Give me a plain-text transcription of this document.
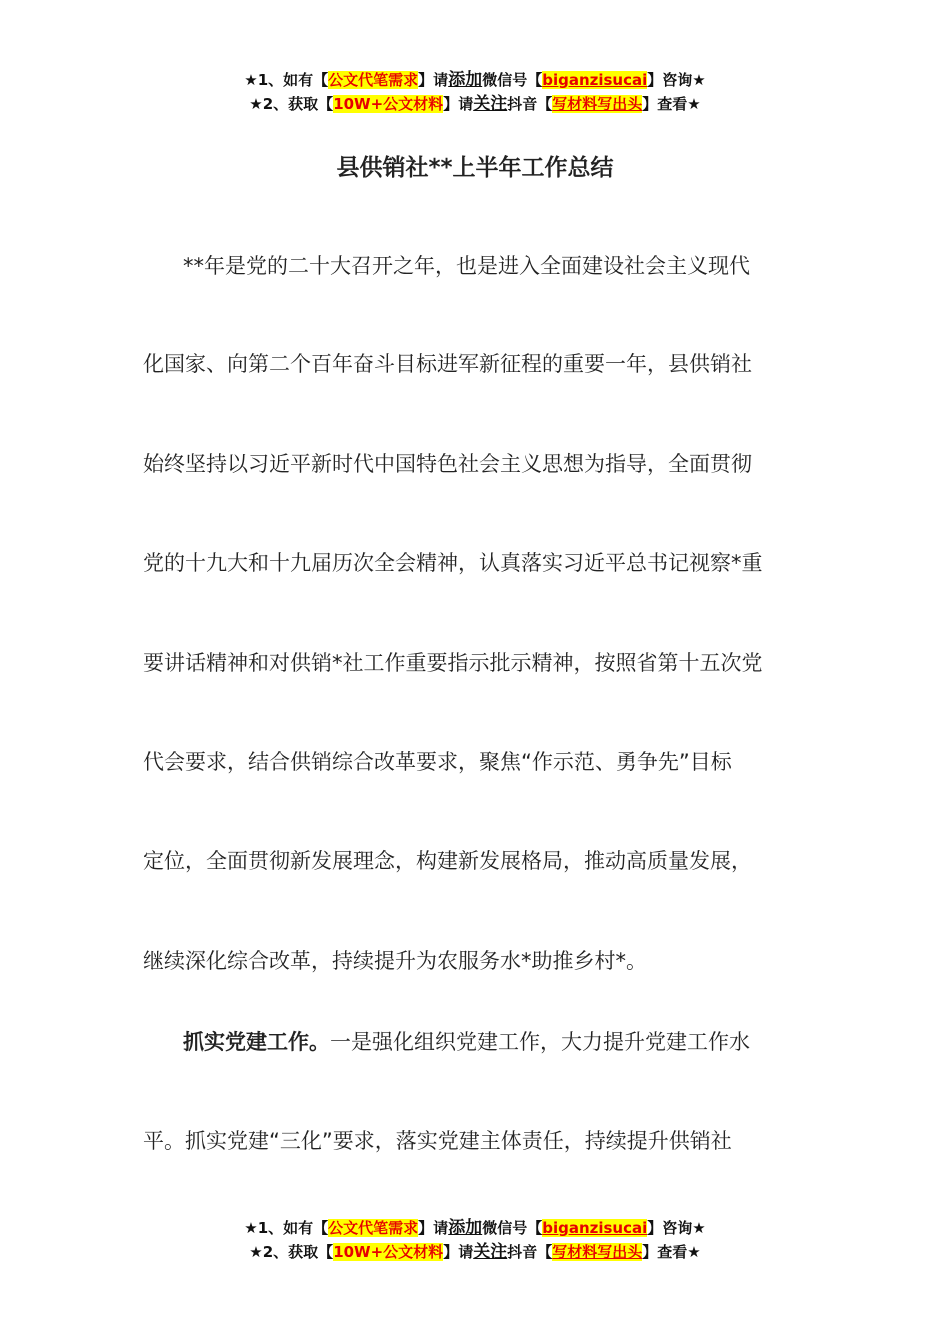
★1、如有【公文代笔需求】请添加微信号【biganzisucai】咨询★
★2、获取【10W+公文材料】请关注抖音【写材料写出头】查看★
县供销社**上半年工作总结
**年是党的二十大召开之年，也是进入全面建设社会主义现代
化国家、向第二个百年奋斗目标进军新征程的重要一年，县供销社
始终坚持以习近平新时代中国特色社会主义思想为指导，全面贯彻
党的十九大和十九届历次全会精神，认真落实习近平总书记视察*重
要讲话精神和对供销*社工作重要指示批示精神，按照省第十五次党
代会要求，结合供销综合改革要求，聚焦“作示范、勇争先”目标
定位，全面贯彻新发展理念，构建新发展格局，推动高质量发展，
继续深化综合改革，持续提升为农服务水*助推乡村*。
抓实党建工作。一是强化组织党建工作，大力提升党建工作水
平。抓实党建“三化”要求，落实党建主体责任，持续提升供销社
★1、如有【公文代笔需求】请添加微信号【biganzisucai】咨询★
★2、获取【10W+公文材料】请关注抖音【写材料写出头】查看★
